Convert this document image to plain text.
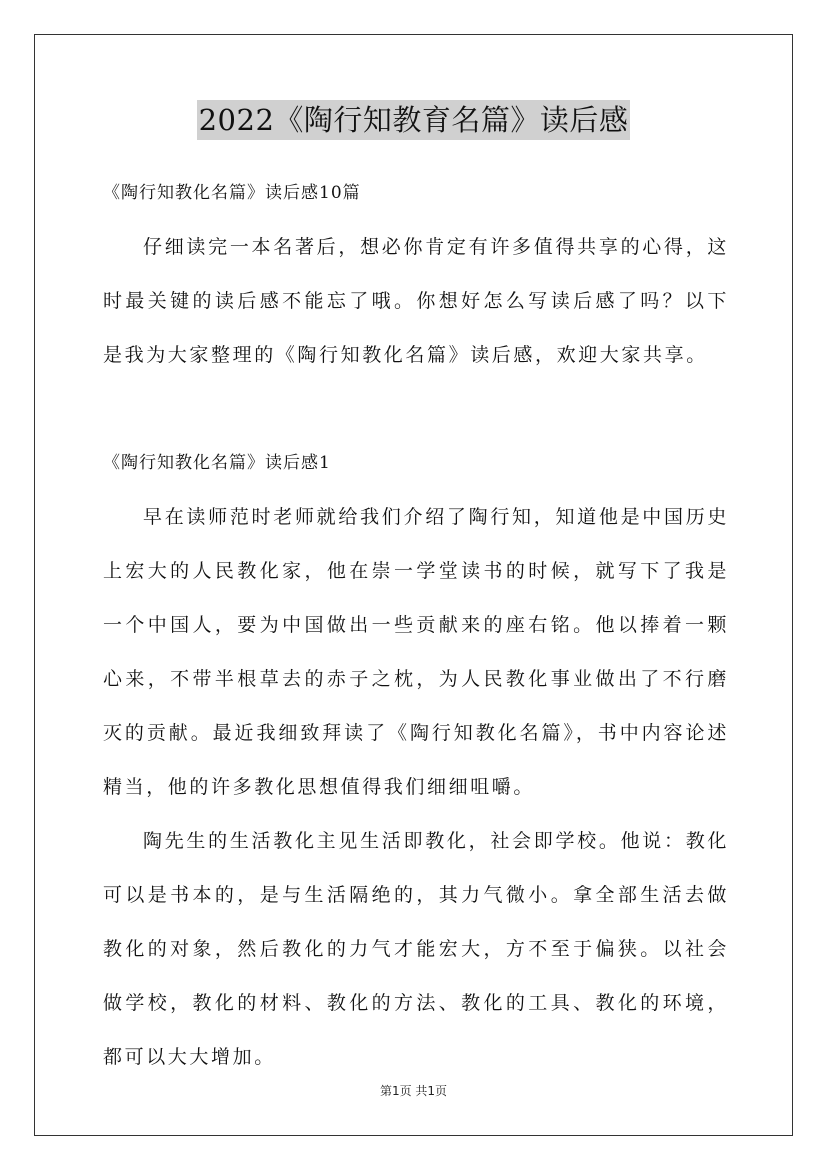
2022《陶行知教育名篇》读后感

《陶行知教化名篇》读后感10篇

仔细读完一本名著后，想必你肯定有许多值得共享的心得，这时最关键的读后感不能忘了哦。你想好怎么写读后感了吗？以下是我为大家整理的《陶行知教化名篇》读后感，欢迎大家共享。

《陶行知教化名篇》读后感1

早在读师范时老师就给我们介绍了陶行知，知道他是中国历史上宏大的人民教化家，他在崇一学堂读书的时候，就写下了我是一个中国人，要为中国做出一些贡献来的座右铭。他以捧着一颗心来，不带半根草去的赤子之枕，为人民教化事业做出了不行磨灭的贡献。最近我细致拜读了《陶行知教化名篇》，书中内容论述精当，他的许多教化思想值得我们细细咀嚼。

陶先生的生活教化主见生活即教化，社会即学校。他说：教化可以是书本的，是与生活隔绝的，其力气微小。拿全部生活去做教化的对象，然后教化的力气才能宏大，方不至于偏狭。以社会做学校，教化的材料、教化的方法、教化的工具、教化的环境，都可以大大增加。

第1页 共1页
